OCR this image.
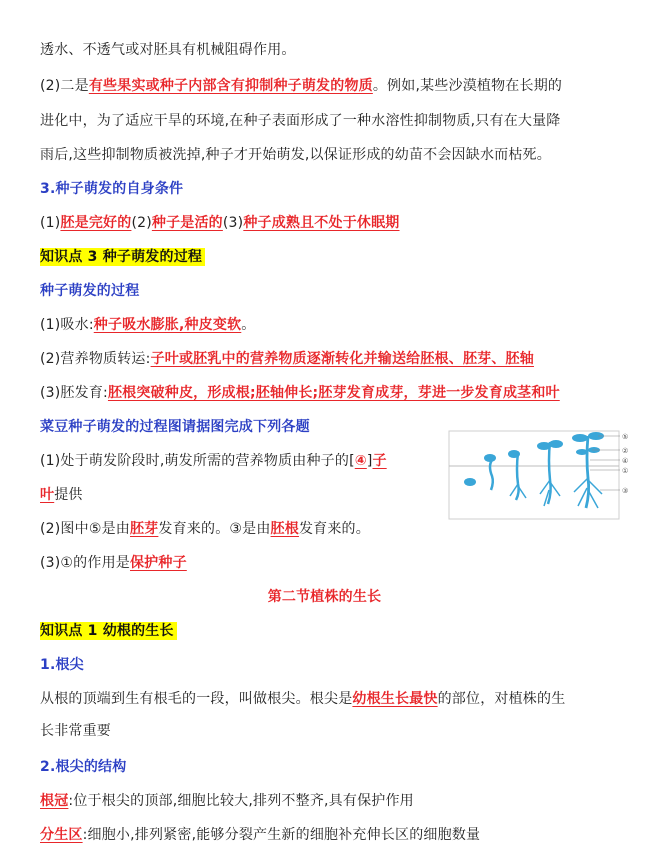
透水、不透气或对胚具有机械阻碍作用。
(2)二是有些果实或种子内部含有抑制种子萌发的物质。例如,某些沙漠植物在长期的
进化中，为了适应干旱的环境,在种子表面形成了一种水溶性抑制物质,只有在大量降
雨后,这些抑制物质被洗掉,种子才开始萌发,以保证形成的幼苗不会因缺水而枯死。
3.种子萌发的自身条件
(1)胚是完好的(2)种子是活的(3)种子成熟且不处于休眠期
知识点 3 种子萌发的过程
种子萌发的过程
(1)吸水:种子吸水膨胀,种皮变软。
(2)营养物质转运:子叶或胚乳中的营养物质逐渐转化并输送给胚根、胚芽、胚轴
(3)胚发育:胚根突破种皮，形成根;胚轴伸长;胚芽发育成芽，芽进一步发育成茎和叶
菜豆种子萌发的过程图请据图完成下列各题
(1)处于萌发阶段时,萌发所需的营养物质由种子的[④]子
叶提供
(2)图中⑤是由胚芽发育来的。③是由胚根发育来的。
(3)①的作用是保护种子
⑤
②
④
①
③
第二节植株的生长
知识点 1 幼根的生长
1.根尖
从根的顶端到生有根毛的一段，叫做根尖。根尖是幼根生长最快的部位，对植株的生
长非常重要
2.根尖的结构
根冠:位于根尖的顶部,细胞比较大,排列不整齐,具有保护作用
分生区:细胞小,排列紧密,能够分裂产生新的细胞补充伸长区的细胞数量
